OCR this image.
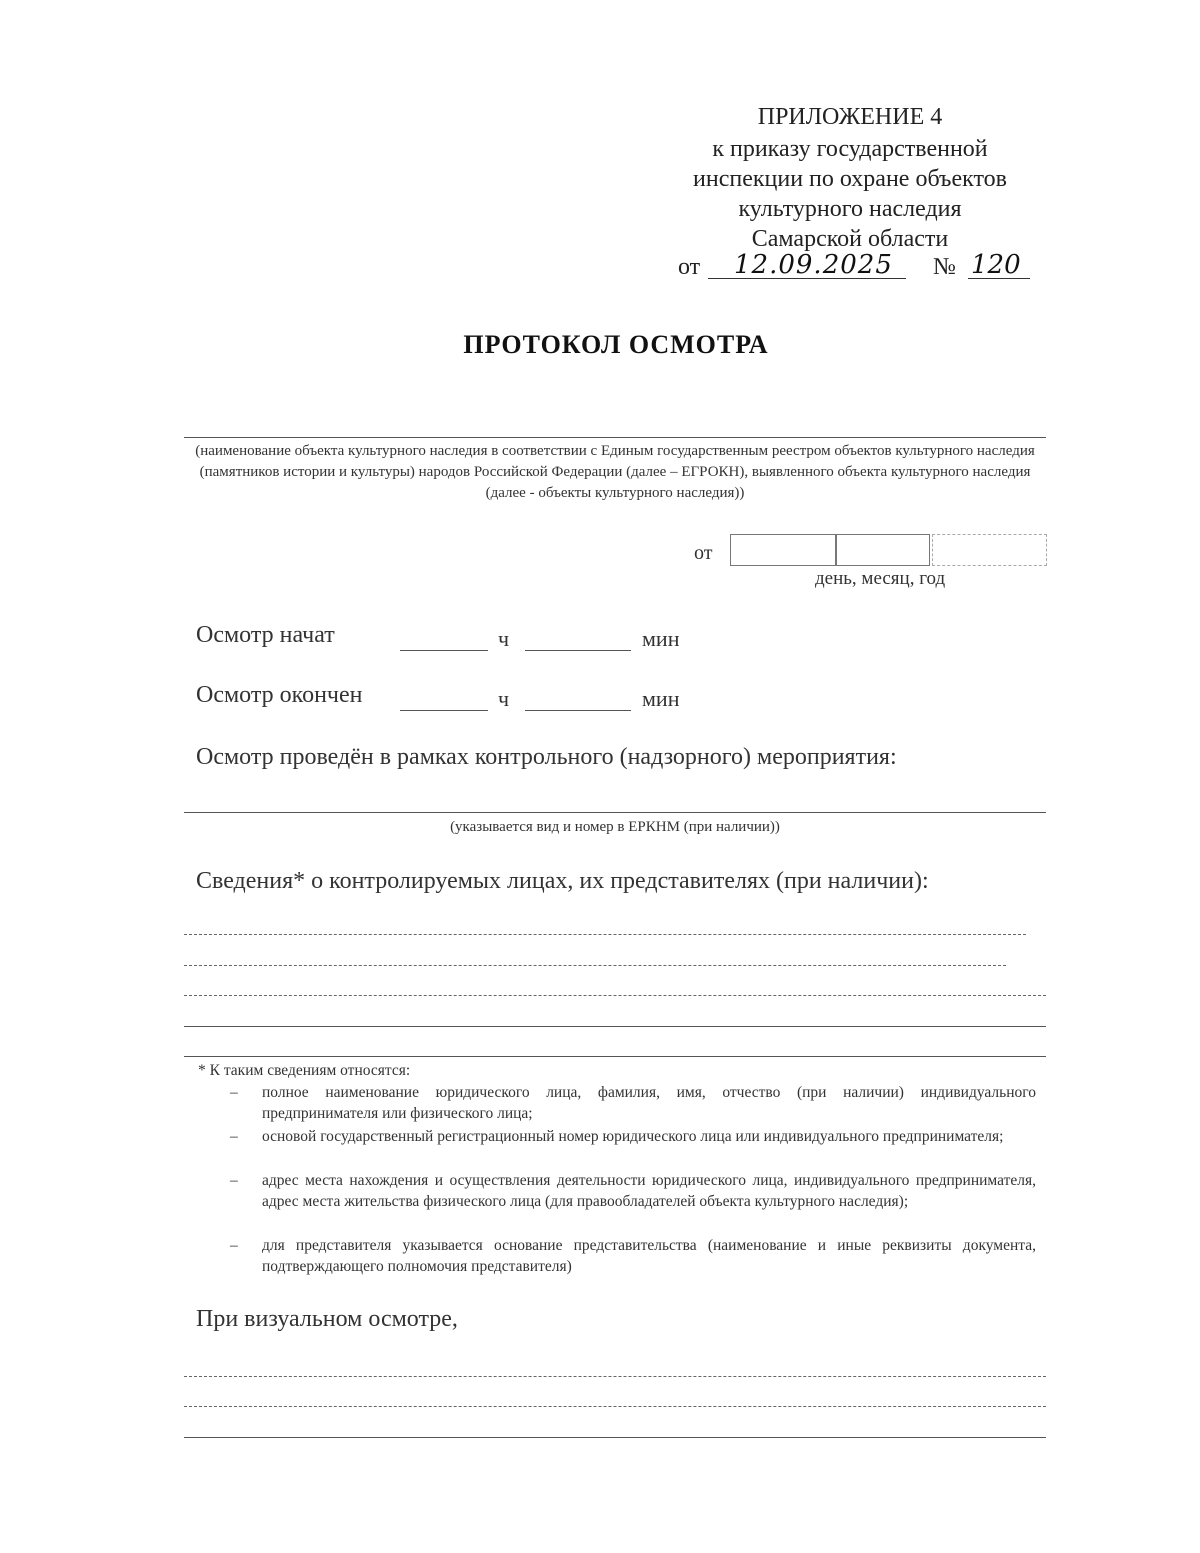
ПРИЛОЖЕНИЕ 4
к приказу государственной
инспекции по охране объектов
культурного наследия
Самарской области
от 12.09.2025 № 120
ПРОТОКОЛ ОСМОТРА
(наименование объекта культурного наследия в соответствии с Единым государственным реестром объектов культурного наследия (памятников истории и культуры) народов Российской Федерации (далее – ЕГРОКН), выявленного объекта культурного наследия (далее - объекты культурного наследия))
от
день, месяц, год
Осмотр начат	ч	мин
Осмотр окончен	ч	мин
Осмотр проведён в рамках контрольного (надзорного) мероприятия:
(указывается вид и номер в ЕРКНМ (при наличии))
Сведения* о контролируемых лицах, их представителях (при наличии):
* К таким сведениям относятся:
–	полное наименование юридического лица, фамилия, имя, отчество (при наличии) индивидуального предпринимателя или физического лица;
–	основой государственный регистрационный номер юридического лица или индивидуального предпринимателя;
–	адрес места нахождения и осуществления деятельности юридического лица, индивидуального предпринимателя, адрес места жительства физического лица (для правообладателей объекта культурного наследия);
–	для представителя указывается основание представительства (наименование и иные реквизиты документа, подтверждающего полномочия представителя)
При визуальном осмотре,
